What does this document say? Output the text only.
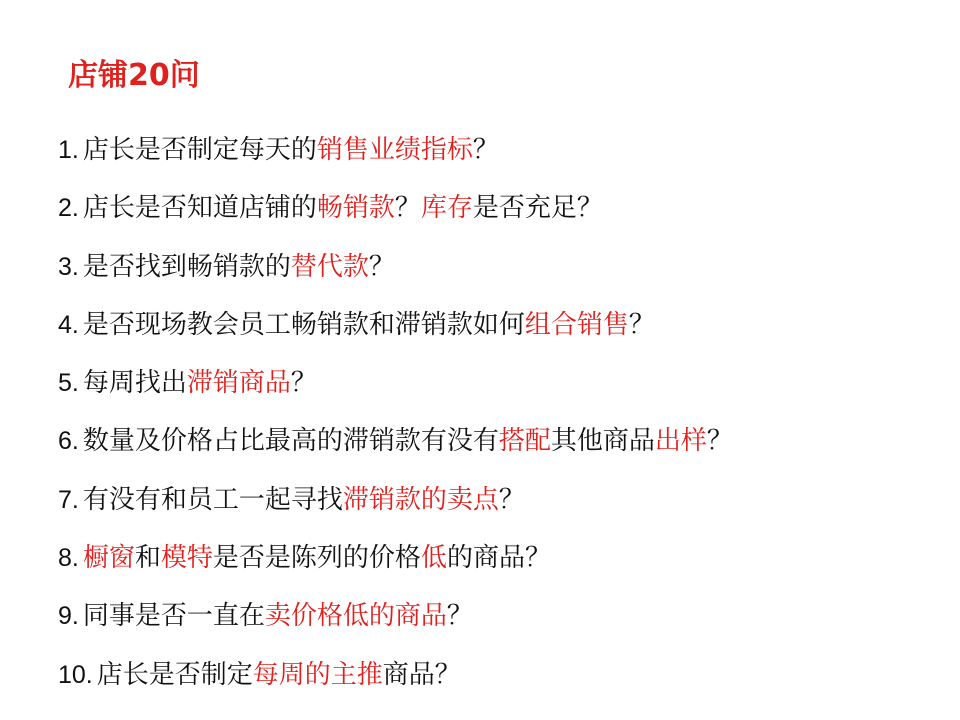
店铺20问
1. 店长是否制定每天的销售业绩指标？
2. 店长是否知道店铺的畅销款？库存是否充足？
3. 是否找到畅销款的替代款？
4. 是否现场教会员工畅销款和滞销款如何组合销售？
5. 每周找出滞销商品？
6. 数量及价格占比最高的滞销款有没有搭配其他商品出样？
7. 有没有和员工一起寻找滞销款的卖点？
8. 橱窗和模特是否是陈列的价格低的商品？
9. 同事是否一直在卖价格低的商品？
10. 店长是否制定每周的主推商品？
